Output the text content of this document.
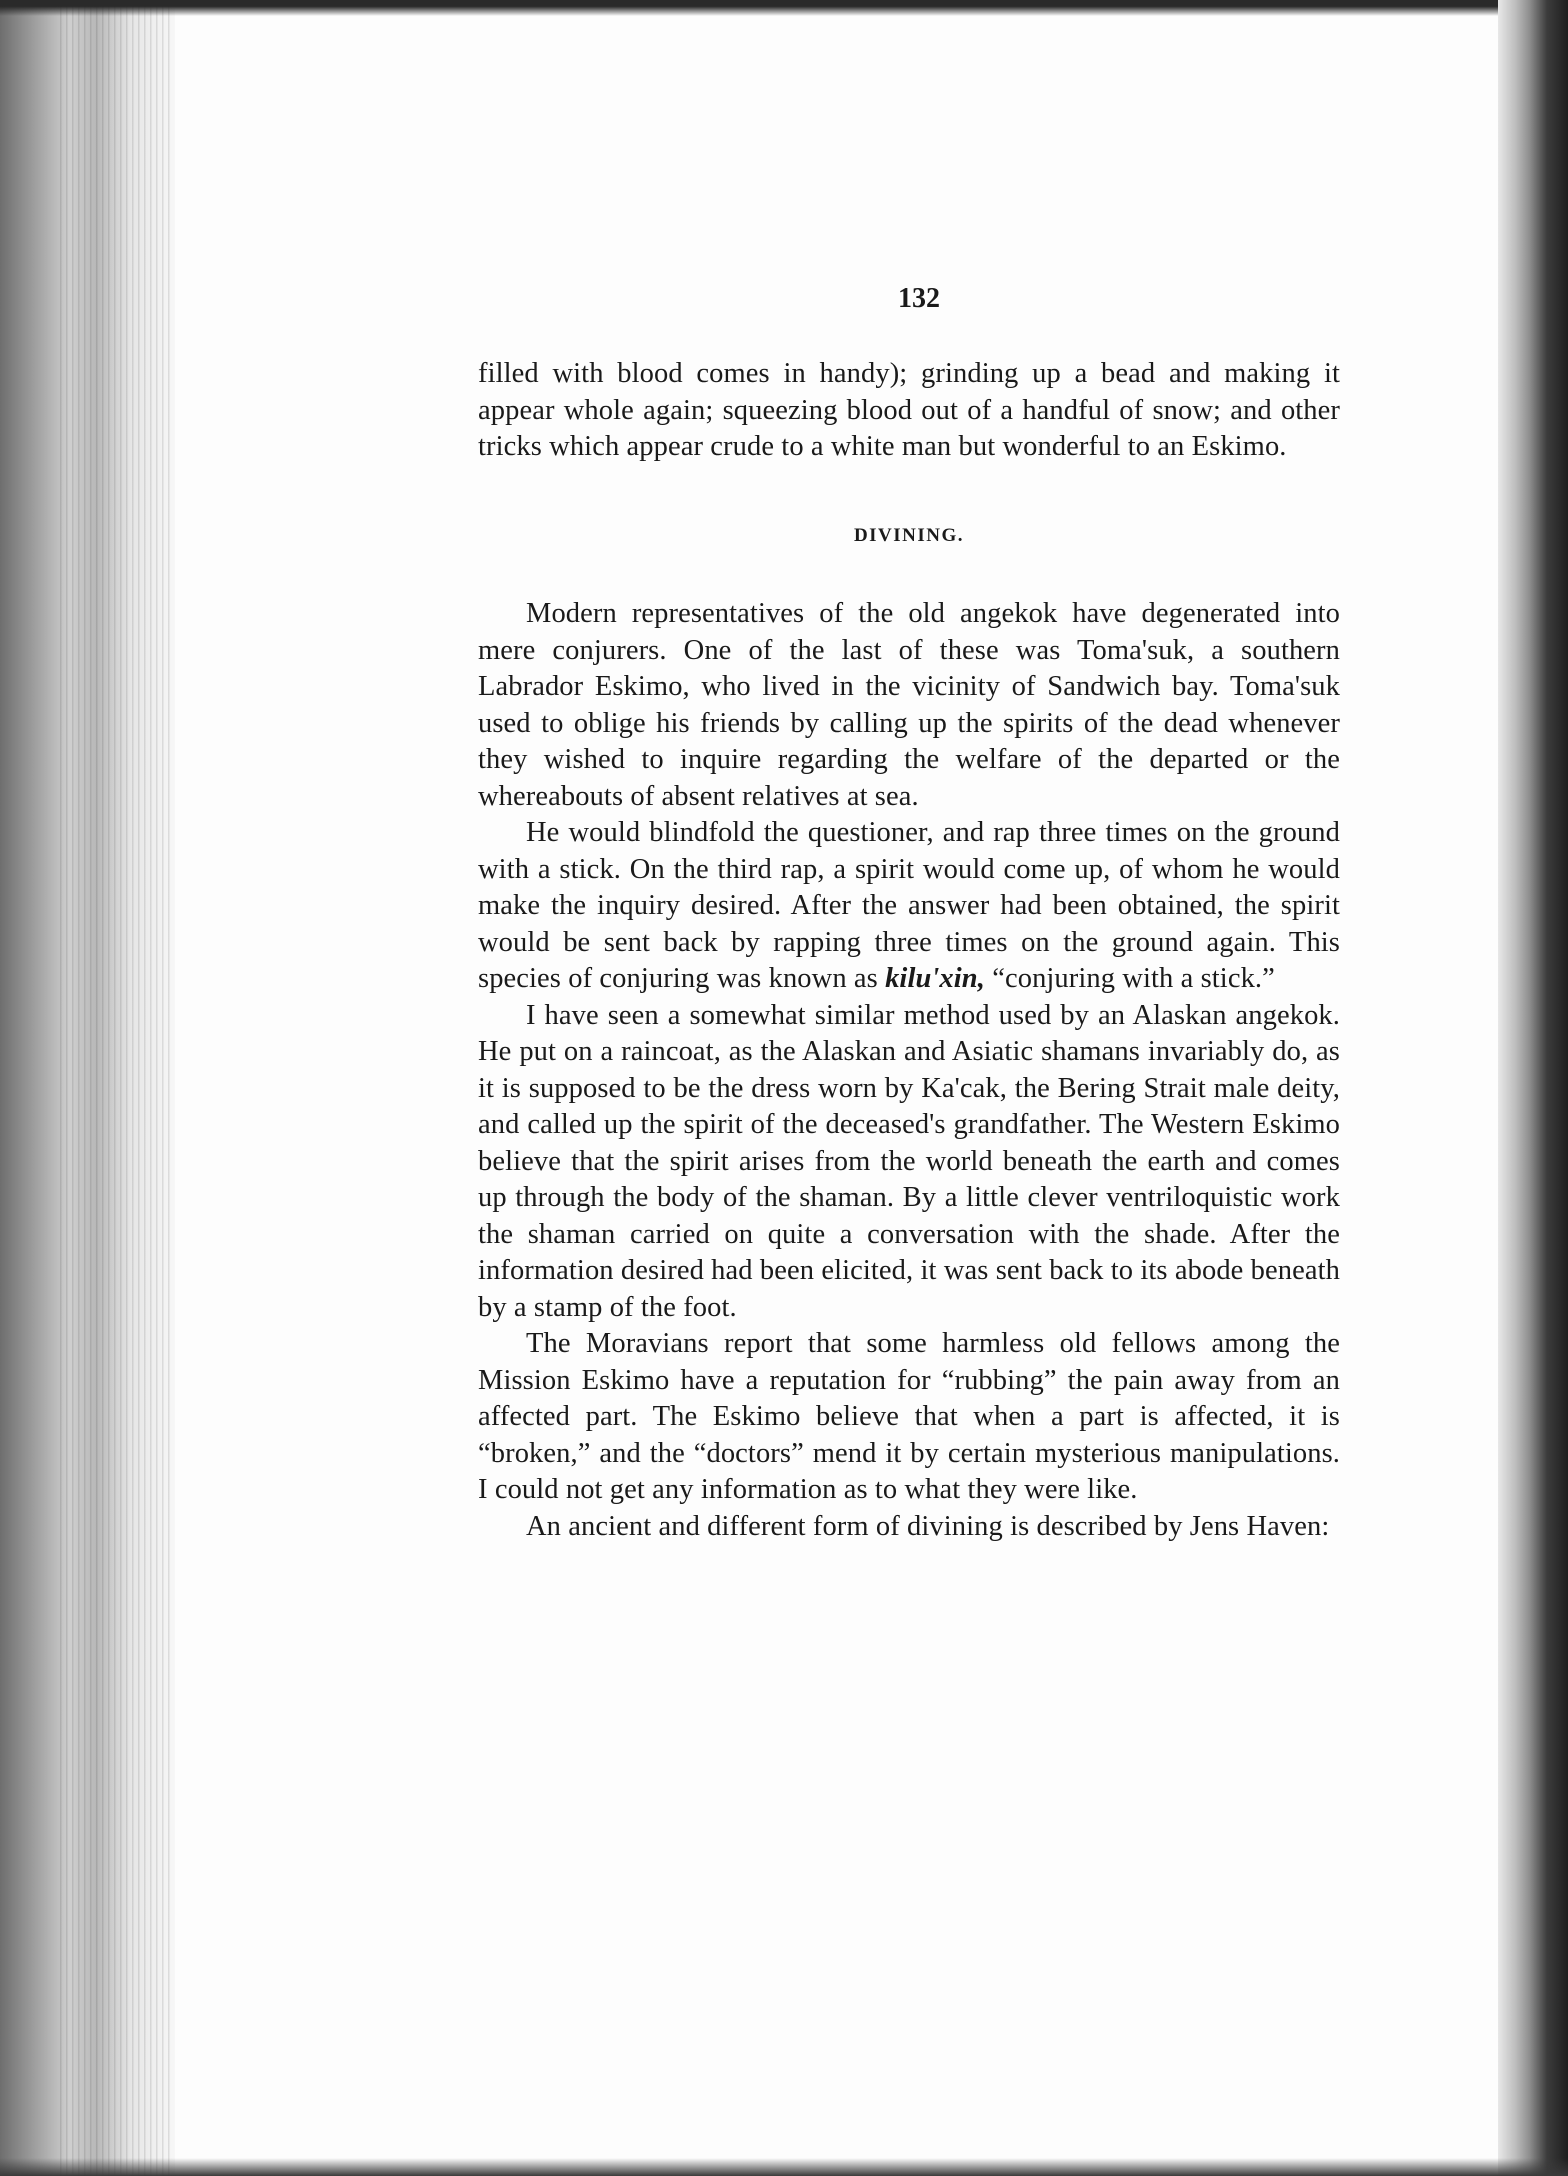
132

filled with blood comes in handy); grinding up a bead and making it appear whole again; squeezing blood out of a handful of snow; and other tricks which appear crude to a white man but wonderful to an Eskimo.

DIVINING.

Modern representatives of the old angekok have degenerated into mere conjurers. One of the last of these was Toma'suk, a southern Labrador Eskimo, who lived in the vicinity of Sandwich bay. Toma'suk used to oblige his friends by calling up the spirits of the dead whenever they wished to inquire regarding the welfare of the departed or the whereabouts of absent relatives at sea.

He would blindfold the questioner, and rap three times on the ground with a stick. On the third rap, a spirit would come up, of whom he would make the inquiry desired. After the answer had been obtained, the spirit would be sent back by rapping three times on the ground again. This species of conjuring was known as kilu'xin, “conjuring with a stick.”

I have seen a somewhat similar method used by an Alaskan angekok. He put on a raincoat, as the Alaskan and Asiatic shamans invariably do, as it is supposed to be the dress worn by Ka'cak, the Bering Strait male deity, and called up the spirit of the deceased's grandfather. The Western Eskimo believe that the spirit arises from the world beneath the earth and comes up through the body of the shaman. By a little clever ventriloquistic work the shaman carried on quite a conversation with the shade. After the information desired had been elicited, it was sent back to its abode beneath by a stamp of the foot.

The Moravians report that some harmless old fellows among the Mission Eskimo have a reputation for “rubbing” the pain away from an affected part. The Eskimo believe that when a part is affected, it is “broken,” and the “doctors” mend it by certain mysterious manipulations. I could not get any information as to what they were like.

An ancient and different form of divining is described by Jens Haven:
